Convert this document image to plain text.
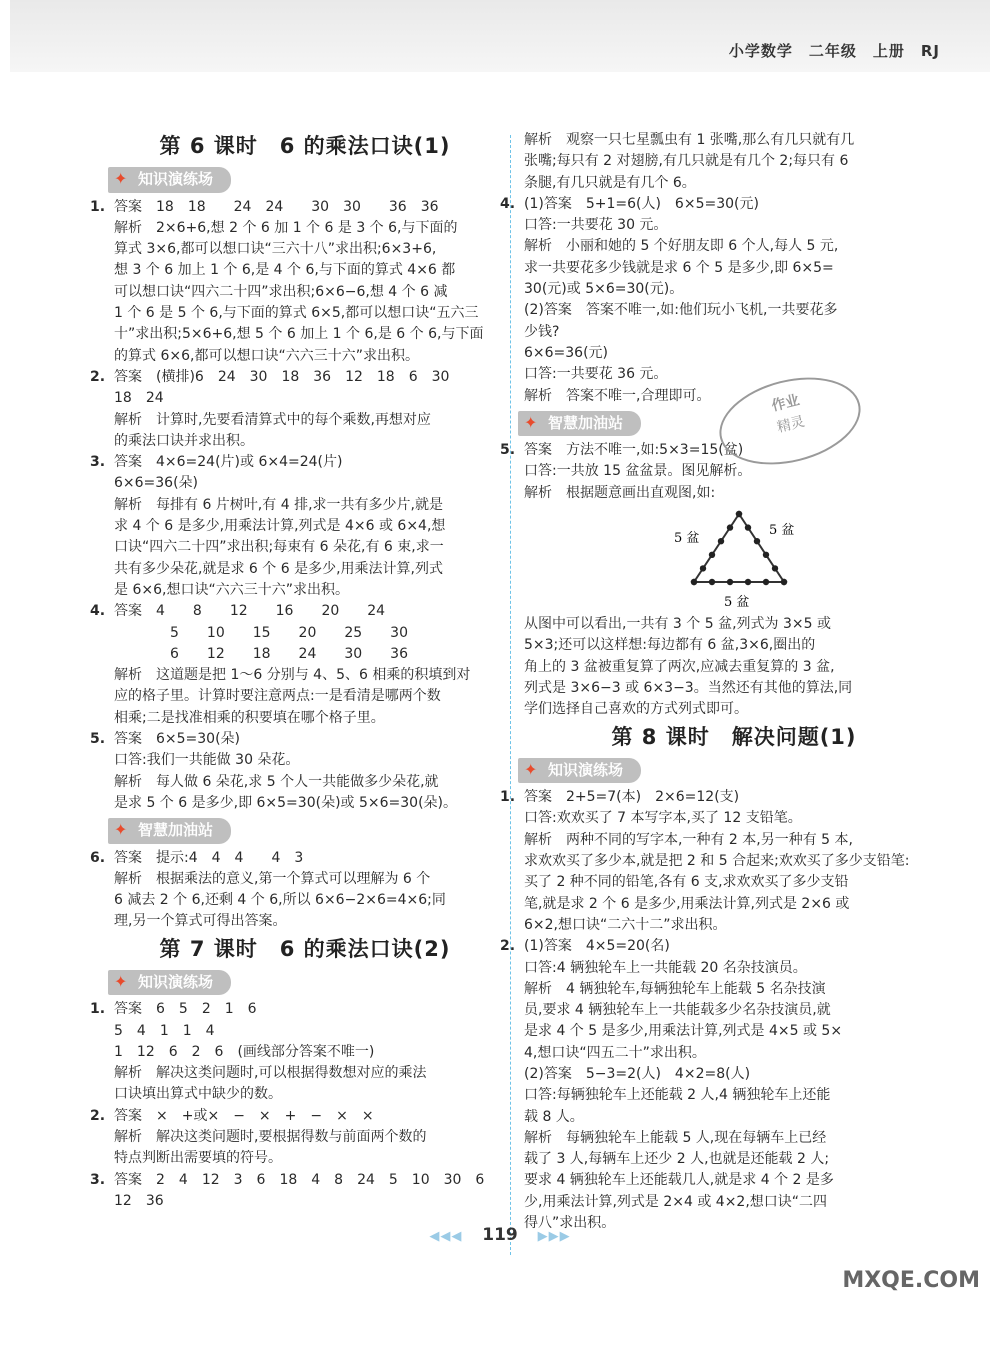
小学数学　二年级　上册　RJ
第 6 课时　6 的乘法口诀(1)
✦ 知识演练场
1. 答案　18　18　　24　24　　30　30　　36　36
解析　2×6+6,想 2 个 6 加 1 个 6 是 3 个 6,与下面的
算式 3×6,都可以想口诀“三六十八”求出积;6×3+6,
想 3 个 6 加上 1 个 6,是 4 个 6,与下面的算式 4×6 都
可以想口诀“四六二十四”求出积;6×6−6,想 4 个 6 减
1 个 6 是 5 个 6,与下面的算式 6×5,都可以想口诀“五六三
十”求出积;5×6+6,想 5 个 6 加上 1 个 6,是 6 个 6,与下面
的算式 6×6,都可以想口诀“六六三十六”求出积。
2. 答案　(横排)6　24　30　18　36　12　18　6　30
18　24
解析　计算时,先要看清算式中的每个乘数,再想对应
的乘法口诀并求出积。
3. 答案　4×6=24(片)或 6×4=24(片)
6×6=36(朵)
解析　每排有 6 片树叶,有 4 排,求一共有多少片,就是
求 4 个 6 是多少,用乘法计算,列式是 4×6 或 6×4,想
口诀“四六二十四”求出积;每束有 6 朵花,有 6 束,求一
共有多少朵花,就是求 6 个 6 是多少,用乘法计算,列式
是 6×6,想口诀“六六三十六”求出积。
4. 答案　4　　8　　12　　16　　20　　24
　　　　5　　10　　15　　20　　25　　30
　　　　6　　12　　18　　24　　30　　36
解析　这道题是把 1～6 分别与 4、5、6 相乘的积填到对
应的格子里。计算时要注意两点:一是看清是哪两个数
相乘;二是找准相乘的积要填在哪个格子里。
5. 答案　6×5=30(朵)
口答:我们一共能做 30 朵花。
解析　每人做 6 朵花,求 5 个人一共能做多少朵花,就
是求 5 个 6 是多少,即 6×5=30(朵)或 5×6=30(朵)。
✦ 智慧加油站
6. 答案　提示:4　4　4　　4　3
解析　根据乘法的意义,第一个算式可以理解为 6 个
6 减去 2 个 6,还剩 4 个 6,所以 6×6−2×6=4×6;同
理,另一个算式可得出答案。
第 7 课时　6 的乘法口诀(2)
✦ 知识演练场
1. 答案　6　5　2　1　6
5　4　1　1　4
1　12　6　2　6　(画线部分答案不唯一)
解析　解决这类问题时,可以根据得数想对应的乘法
口诀填出算式中缺少的数。
2. 答案　×　+或×　−　×　+　−　×　×
解析　解决这类问题时,要根据得数与前面两个数的
特点判断出需要填的符号。
3. 答案　2　4　12　3　6　18　4　8　24　5　10　30　6
12　36
解析　观察一只七星瓢虫有 1 张嘴,那么有几只就有几
张嘴;每只有 2 对翅膀,有几只就是有几个 2;每只有 6
条腿,有几只就是有几个 6。
4. (1)答案　5+1=6(人)　6×5=30(元)
口答:一共要花 30 元。
解析　小丽和她的 5 个好朋友即 6 个人,每人 5 元,
求一共要花多少钱就是求 6 个 5 是多少,即 6×5=
30(元)或 5×6=30(元)。
(2)答案　答案不唯一,如:他们玩小飞机,一共要花多
少钱?
6×6=36(元)
口答:一共要花 36 元。
解析　答案不唯一,合理即可。
✦ 智慧加油站
5. 答案　方法不唯一,如:5×3=15(盆)
口答:一共放 15 盆盆景。图见解析。
解析　根据题意画出直观图,如:
5 盆
5 盆
5 盆
从图中可以看出,一共有 3 个 5 盆,列式为 3×5 或
5×3;还可以这样想:每边都有 6 盆,3×6,圈出的
角上的 3 盆被重复算了两次,应减去重复算的 3 盆,
列式是 3×6−3 或 6×3−3。当然还有其他的算法,同
学们选择自己喜欢的方式列式即可。
第 8 课时　解决问题(1)
✦ 知识演练场
1. 答案　2+5=7(本)　2×6=12(支)
口答:欢欢买了 7 本写字本,买了 12 支铅笔。
解析　两种不同的写字本,一种有 2 本,另一种有 5 本,
求欢欢买了多少本,就是把 2 和 5 合起来;欢欢买了多少支铅笔:
买了 2 种不同的铅笔,各有 6 支,求欢欢买了多少支铅
笔,就是求 2 个 6 是多少,用乘法计算,列式是 2×6 或
6×2,想口诀“二六十二”求出积。
2. (1)答案　4×5=20(名)
口答:4 辆独轮车上一共能载 20 名杂技演员。
解析　4 辆独轮车,每辆独轮车上能载 5 名杂技演
员,要求 4 辆独轮车上一共能载多少名杂技演员,就
是求 4 个 5 是多少,用乘法计算,列式是 4×5 或 5×
4,想口诀“四五二十”求出积。
(2)答案　5−3=2(人)　4×2=8(人)
口答:每辆独轮车上还能载 2 人,4 辆独轮车上还能
载 8 人。
解析　每辆独轮车上能载 5 人,现在每辆车上已经
载了 3 人,每辆车上还少 2 人,也就是还能载 2 人;
要求 4 辆独轮车上还能载几人,就是求 4 个 2 是多
少,用乘法计算,列式是 2×4 或 4×2,想口诀“二四
得八”求出积。
作业
精灵
◀◀◀ 119 ▶▶▶
MXQE.COM
